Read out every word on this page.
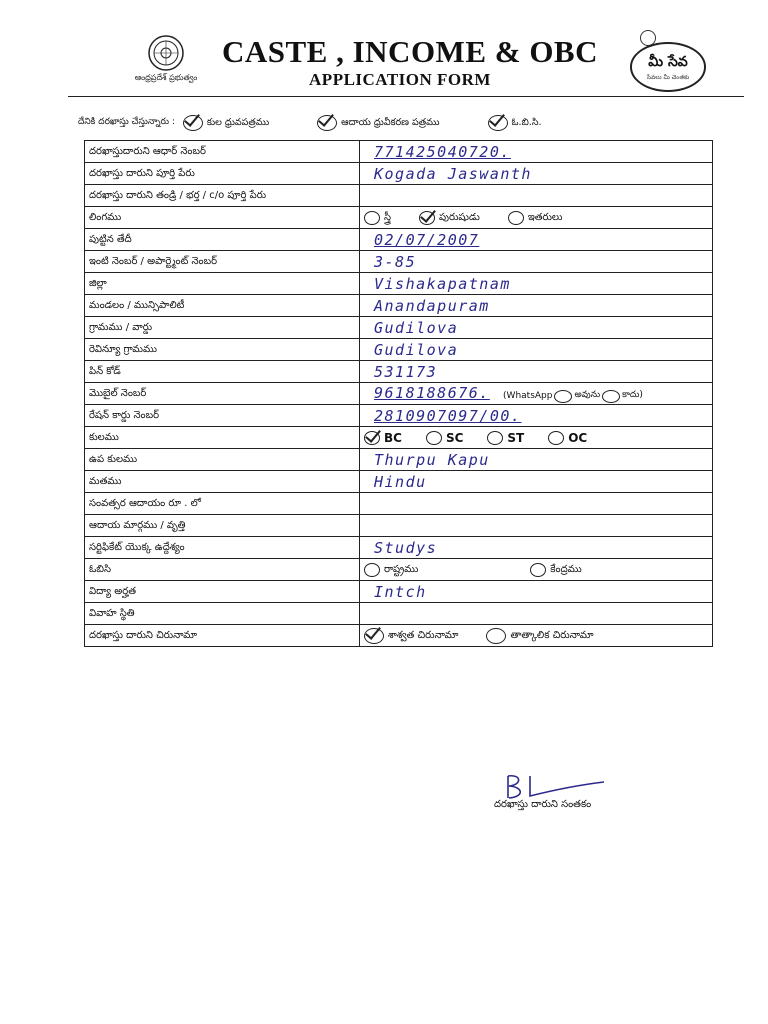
ఆంధ్రప్రదేశ్ ప్రభుత్వం
CASTE , INCOME & OBC
APPLICATION FORM
మీ సేవ
సేవలు మీ చెంతకు
దేనికి దరఖాస్తు చేస్తున్నారు :	కుల ధ్రువపత్రము	ఆదాయ ధ్రువీకరణ పత్రము	ఓ.బి.సి.
దరఖాస్తుదారుని ఆధార్ నెంబర్	771425040720.
దరఖాస్తు దారుని పూర్తి పేరు	Kogada Jaswanth
దరఖాస్తు దారుని తండ్రి / భర్త / c/o పూర్తి పేరు	
లింగము	స్త్రీ పురుషుడు ఇతరులు

పుట్టిన తేదీ	02/07/2007
ఇంటి నెంబర్ / అపార్ట్మెంట్ నెంబర్	3-85
జిల్లా	Vishakapatnam
మండలం / మున్సిపాలిటీ	Anandapuram
గ్రామము / వార్డు	Gudilova
రెవిన్యూ గ్రామము	Gudilova
పిన్ కోడ్	531173
మొబైల్ నెంబర్	9618188676. (WhatsApp అవును కాదు)

రేషన్ కార్డు నెంబర్	2810907097/00.
కులము	BC SC ST OC

ఉప కులము	Thurpu Kapu
మతము	Hindu
సంవత్సర ఆదాయం రూ . లో	
ఆదాయ మార్గము / వృత్తి	
సర్టిఫికేట్ యొక్క ఉద్దేశ్యం	Studys
ఓబిసి	రాష్ట్రము కేంద్రము

విద్యా అర్హత	Intch
వివాహ స్థితి	
దరఖాస్తు దారుని చిరునామా	శాశ్వత చిరునామా తాత్కాలిక చిరునామా
దరఖాస్తు దారుని సంతకం
